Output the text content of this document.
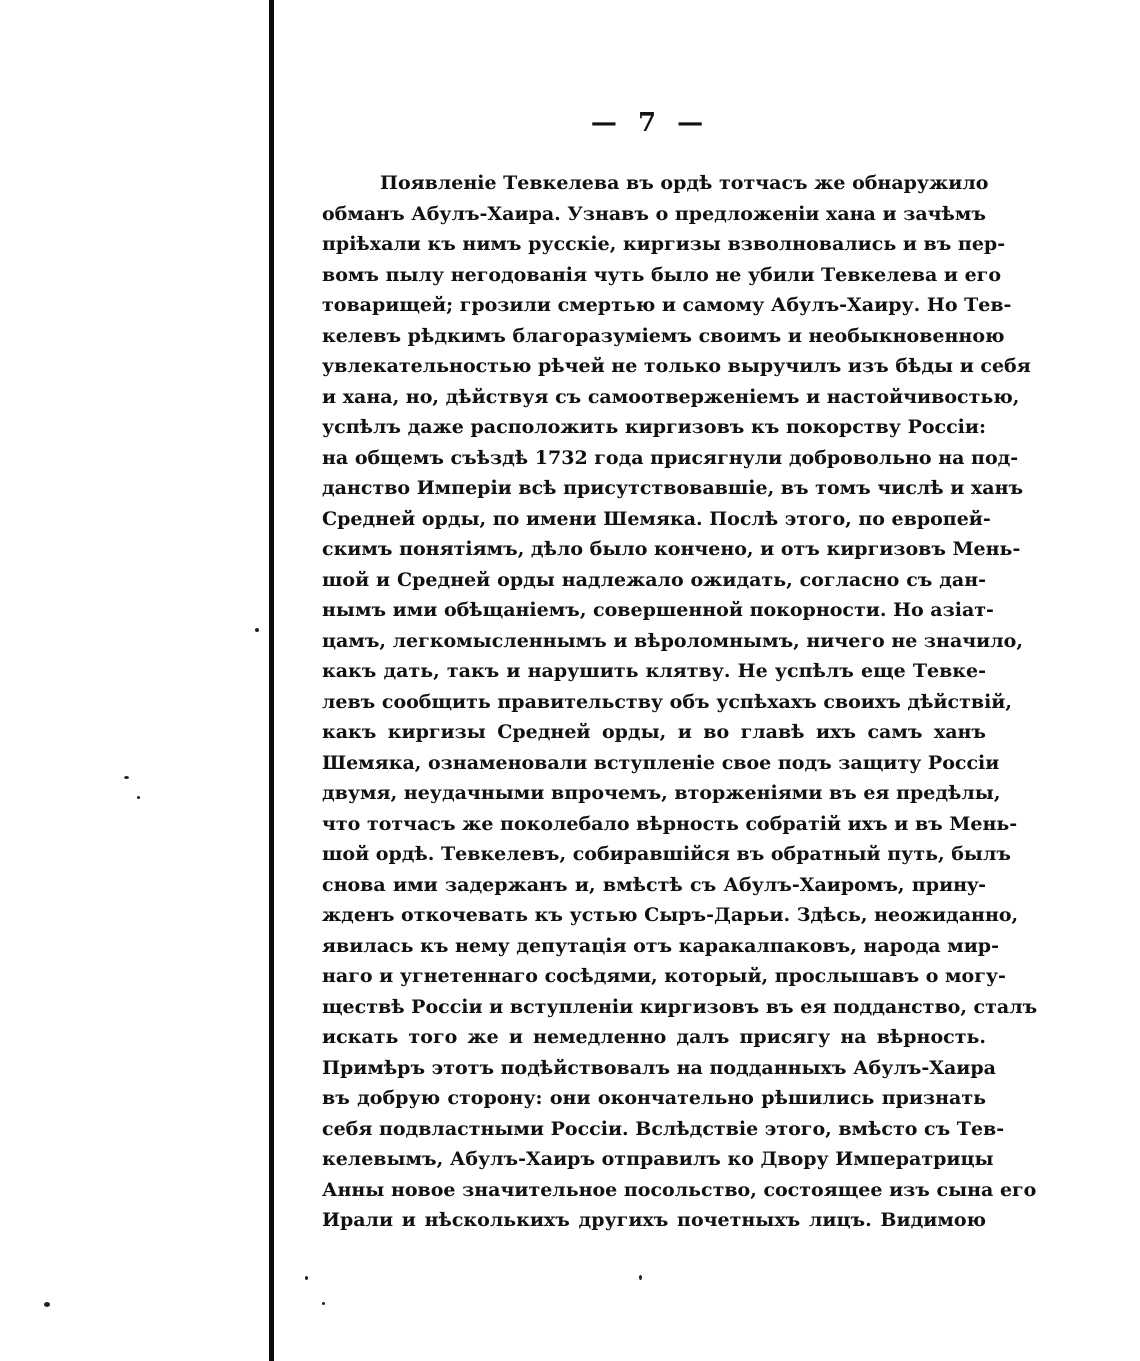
— 7 —
Появленіе Тевкелева въ ордѣ тотчасъ же обнаружило
обманъ Абулъ-Хаира. Узнавъ о предложеніи хана и зачѣмъ
пріѣхали къ нимъ русскіе, киргизы взволновались и въ пер-
вомъ пылу негодованія чуть было не убили Тевкелева и его
товарищей; грозили смертью и самому Абулъ-Хаиру. Но Тев-
келевъ рѣдкимъ благоразуміемъ своимъ и необыкновенною
увлекательностью рѣчей не только выручилъ изъ бѣды и себя
и хана, но, дѣйствуя съ самоотверженіемъ и настойчивостью,
успѣлъ даже расположить киргизовъ къ покорству Россіи:
на общемъ съѣздѣ 1732 года присягнули добровольно на под-
данство Имперіи всѣ присутствовавшіе, въ томъ числѣ и ханъ
Средней орды, по имени Шемяка. Послѣ этого, по европей-
скимъ понятіямъ, дѣло было кончено, и отъ киргизовъ Мень-
шой и Средней орды надлежало ожидать, согласно съ дан-
нымъ ими обѣщаніемъ, совершенной покорности. Но азіат-
цамъ, легкомысленнымъ и вѣроломнымъ, ничего не значило,
какъ дать, такъ и нарушить клятву. Не успѣлъ еще Тевке-
левъ сообщить правительству объ успѣхахъ своихъ дѣйствій,
какъ киргизы Средней орды, и во главѣ ихъ самъ ханъ
Шемяка, ознаменовали вступленіе свое подъ защиту Россіи
двумя, неудачными впрочемъ, вторженіями въ ея предѣлы,
что тотчасъ же поколебало вѣрность собратій ихъ и въ Мень-
шой ордѣ. Тевкелевъ, собиравшійся въ обратный путь, былъ
снова ими задержанъ и, вмѣстѣ съ Абулъ-Хаиромъ, принy-
жденъ откочевать къ устью Сыръ-Дарьи. Здѣсь, неожиданно,
явилась къ нему депутація отъ каракалпаковъ, народа мир-
наго и угнетеннаго сосѣдями, который, прослышавъ о могу-
ществѣ Россіи и вступленіи киргизовъ въ ея подданство, сталъ
искать того же и немедленно далъ присягу на вѣрность.
Примѣръ этотъ подѣйствовалъ на подданныхъ Абулъ-Хаира
въ добрую сторону: они окончательно рѣшились признать
себя подвластными Россіи. Вслѣдствіе этого, вмѣсто съ Тев-
келевымъ, Абулъ-Хаиръ отправилъ ко Двору Императрицы
Анны новое значительное посольство, состоящее изъ сына его
Ирали и нѣсколькихъ другихъ почетныхъ лицъ. Видимою
